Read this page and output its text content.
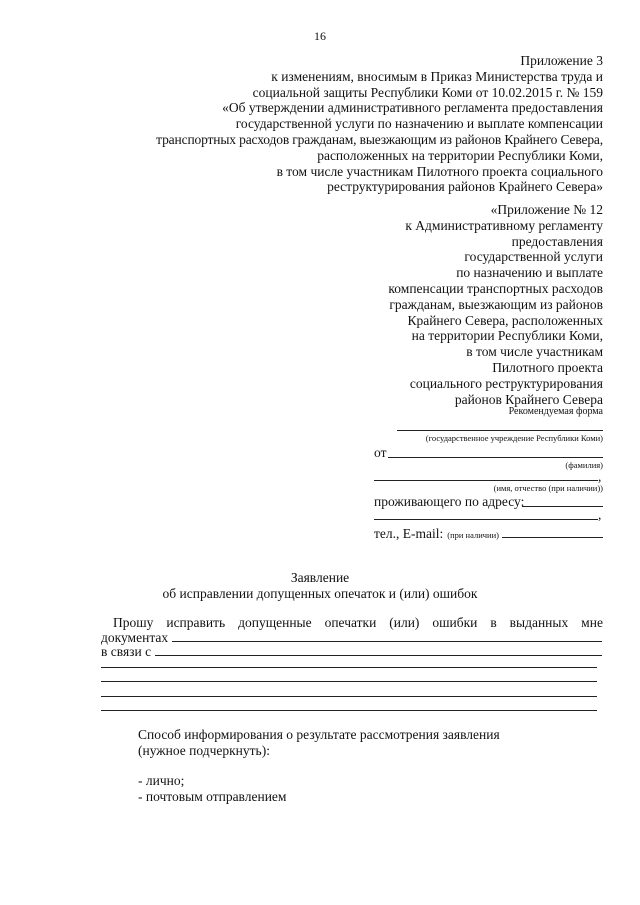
16
Приложение 3
к изменениям, вносимым в Приказ Министерства труда и
социальной защиты Республики Коми от 10.02.2015 г. № 159
«Об утверждении административного регламента предоставления
государственной услуги по назначению и выплате компенсации
транспортных расходов гражданам, выезжающим из районов Крайнего Севера,
расположенных на территории Республики Коми,
в том числе участникам Пилотного проекта социального
реструктурирования районов Крайнего Севера»
«Приложение № 12
к Административному регламенту
предоставления
государственной услуги
по назначению и выплате
компенсации транспортных расходов
гражданам, выезжающим из районов
Крайнего Севера, расположенных
на территории Республики Коми,
в том числе участникам
Пилотного проекта
социального реструктурирования
районов Крайнего Севера
Рекомендуемая форма
(государственное учреждение Республики Коми)
от
(фамилия)
,
(имя, отчество (при наличии))
проживающего по адресу:
,
тел., E-mail: (при наличии)
Заявление
об исправлении допущенных опечаток и (или) ошибок
Прошу исправить допущенные опечатки (или) ошибки в выданных мне
документах
в связи с
Способ информирования о результате рассмотрения заявления
(нужное подчеркнуть):
- лично;
- почтовым отправлением
